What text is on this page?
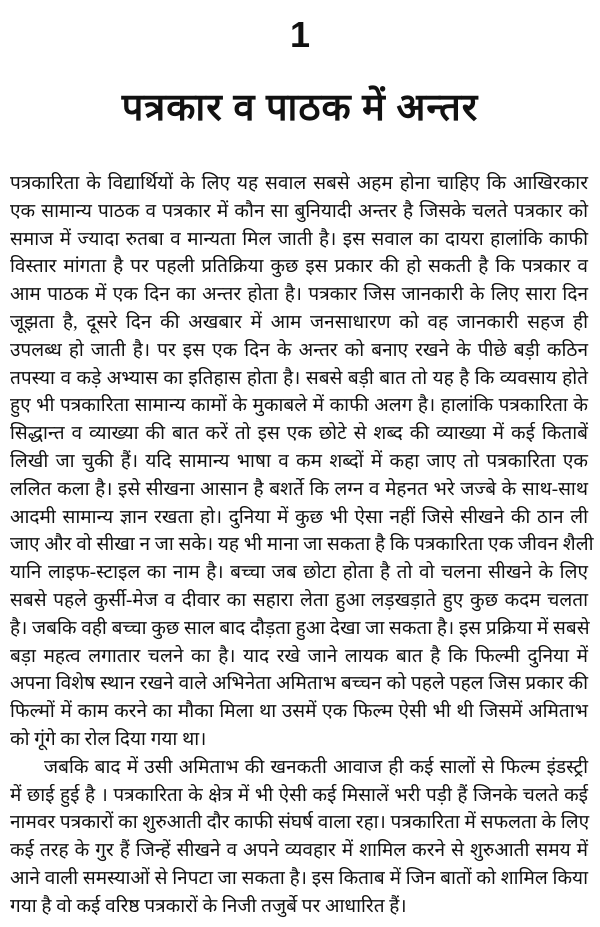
1
पत्रकार व पाठक में अन्तर
पत्रकारिता के विद्यार्थियों के लिए यह सवाल सबसे अहम होना चाहिए कि आखिरकार
एक सामान्य पाठक व पत्रकार में कौन सा बुनियादी अन्तर है जिसके चलते पत्रकार को
समाज में ज्यादा रुतबा व मान्यता मिल जाती है। इस सवाल का दायरा हालांकि काफी
विस्तार मांगता है पर पहली प्रतिक्रिया कुछ इस प्रकार की हो सकती है कि पत्रकार व
आम पाठक में एक दिन का अन्तर होता है। पत्रकार जिस जानकारी के लिए सारा दिन
जूझता है, दूसरे दिन की अखबार में आम जनसाधारण को वह जानकारी सहज ही
उपलब्ध हो जाती है। पर इस एक दिन के अन्तर को बनाए रखने के पीछे बड़ी कठिन
तपस्या व कड़े अभ्यास का इतिहास होता है। सबसे बड़ी बात तो यह है कि व्यवसाय होते
हुए भी पत्रकारिता सामान्य कामों के मुकाबले में काफी अलग है। हालांकि पत्रकारिता के
सिद्धान्त व व्याख्या की बात करें तो इस एक छोटे से शब्द की व्याख्या में कई किताबें
लिखी जा चुकी हैं। यदि सामान्य भाषा व कम शब्दों में कहा जाए तो पत्रकारिता एक
ललित कला है। इसे सीखना आसान है बशर्ते कि लग्न व मेहनत भरे जज्बे के साथ-साथ
आदमी सामान्य ज्ञान रखता हो। दुनिया में कुछ भी ऐसा नहीं जिसे सीखने की ठान ली
जाए और वो सीखा न जा सके। यह भी माना जा सकता है कि पत्रकारिता एक जीवन शैली
यानि लाइफ-स्टाइल का नाम है। बच्चा जब छोटा होता है तो वो चलना सीखने के लिए
सबसे पहले कुर्सी-मेज व दीवार का सहारा लेता हुआ लड़खड़ाते हुए कुछ कदम चलता
है। जबकि वही बच्चा कुछ साल बाद दौड़ता हुआ देखा जा सकता है। इस प्रक्रिया में सबसे
बड़ा महत्व लगातार चलने का है। याद रखे जाने लायक बात है कि फिल्मी दुनिया में
अपना विशेष स्थान रखने वाले अभिनेता अमिताभ बच्चन को पहले पहल जिस प्रकार की
फिल्मों में काम करने का मौका मिला था उसमें एक फिल्म ऐसी भी थी जिसमें अमिताभ
को गूंगे का रोल दिया गया था।
जबकि बाद में उसी अमिताभ की खनकती आवाज ही कई सालों से फिल्म इंडस्ट्री
में छाई हुई है । पत्रकारिता के क्षेत्र में भी ऐसी कई मिसालें भरी पड़ी हैं जिनके चलते कई
नामवर पत्रकारों का शुरुआती दौर काफी संघर्ष वाला रहा। पत्रकारिता में सफलता के लिए
कई तरह के गुर हैं जिन्हें सीखने व अपने व्यवहार में शामिल करने से शुरुआती समय में
आने वाली समस्याओं से निपटा जा सकता है। इस किताब में जिन बातों को शामिल किया
गया है वो कई वरिष्ठ पत्रकारों के निजी तजुर्बे पर आधारित हैं।
